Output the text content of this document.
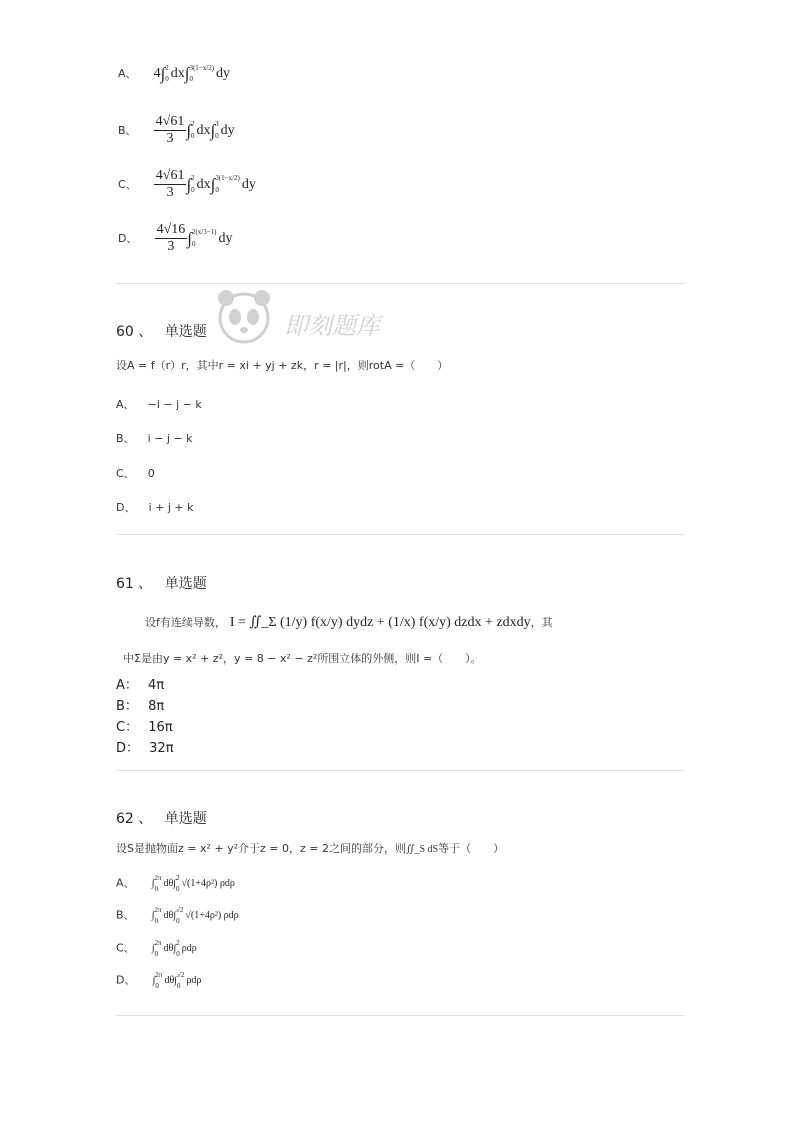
A、 4∫ 2
0 dx∫ 3(1−x/2)
0	dy
B、 $\frac{4√61}{3}$ ∫ 2
0 dx∫ 3
0 dy
C、 $\frac{4√61}{3}$ ∫ 2
0 dx∫ 3(1−x/2)
0	dy
D、 $\frac{4√16}{3}$ ∫ 2(x/3−1)
0	dy
即刻题库
60 、 单选题
设A = f（r）r，其中r = xi + yj + zk，r = |r|，则rotA =（　　）
A、 −i − j − k
B、 i − j − k
C、 0
D、 i + j + k
61 、 单选题
设f有连续导数， I = ∬_Σ (1/y) f(x/y) dydz + (1/x) f(x/y) dzdx + zdxdy ，其
中Σ是由y = x² + z²，y = 8 − x² − z²所围立体的外侧，则I =（　　）。
A： 4π
B： 8π
C： 16π
D： 32π
62 、 单选题
设S是抛物面z = x² + y²介于z = 0，z = 2之间的部分，则∬_S dS等于（　　）
A、 ∫
2π
0 dθ∫
2
0 √(1+4ρ²) ρdρ
B、 ∫
2π
0 dθ∫
√2
0 √(1+4ρ²) ρdρ
C、 ∫
2π
0 dθ∫
2
0 ρdρ
D、 ∫
2π
0 dθ∫
√2
0 ρdρ
